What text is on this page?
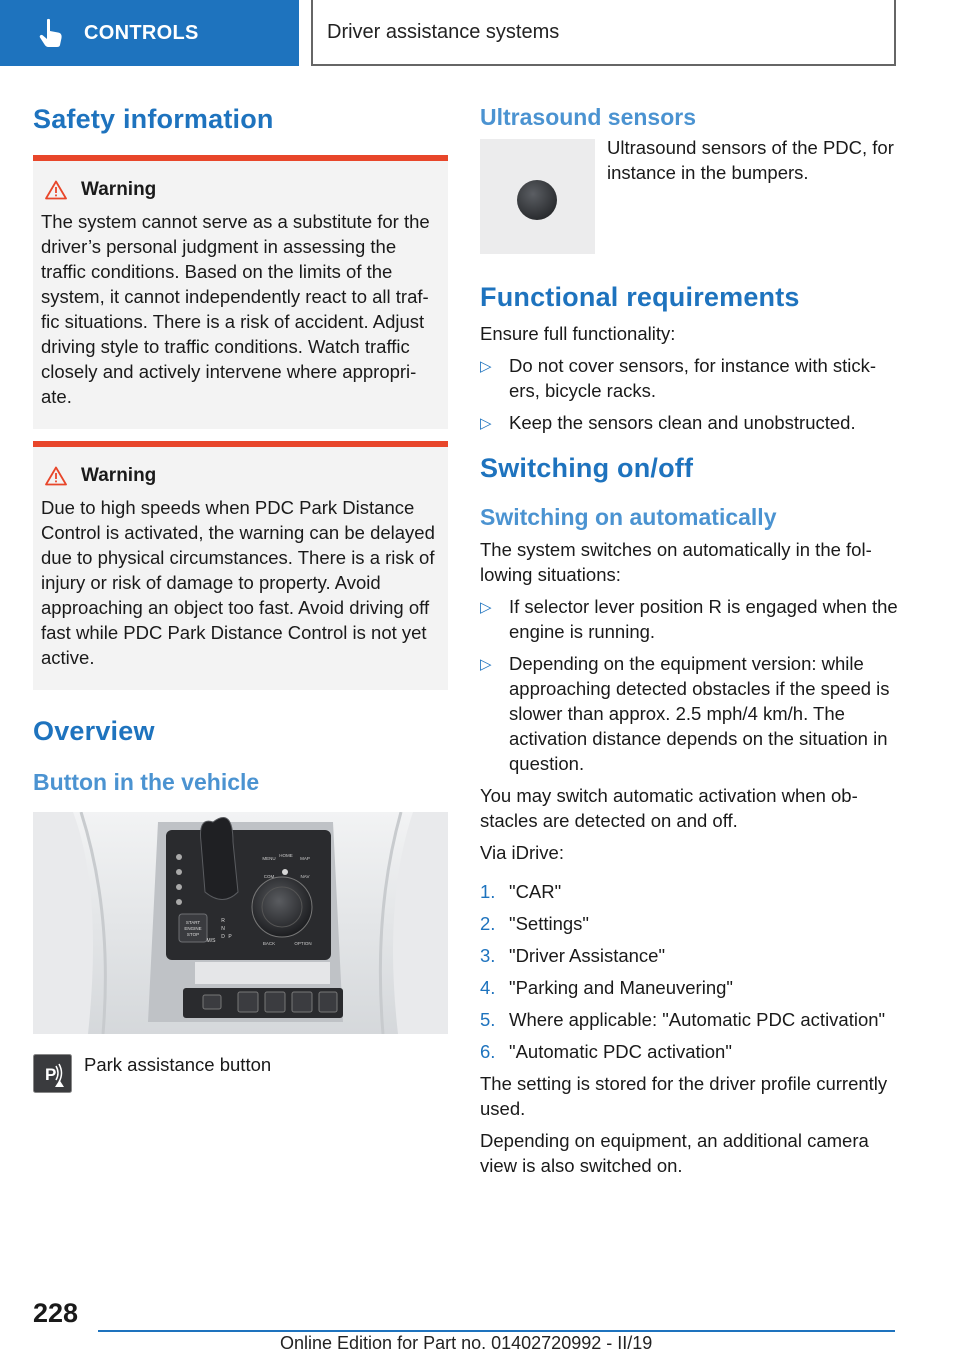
CONTROLS	Driver assistance systems
Safety information
Warning

The system cannot serve as a substitute for the driver’s personal judgment in assessing the traffic conditions. Based on the limits of the system, it cannot independently react to all traffic situations. There is a risk of accident. Adjust driving style to traffic conditions. Watch traffic closely and actively intervene where appropriate.

Warning

Due to high speeds when PDC Park Distance Control is activated, the warning can be delayed due to physical circumstances. There is a risk of injury or risk of damage to property. Avoid approaching an object too fast. Avoid driving off fast while PDC Park Distance Control is not yet active.

Overview
Button in the vehicle
START
ENGINE
STOP
MENU
COM
HOME
MAP
NAV
BACK	OPTION
R
N
D P
M/S
P Park assistance button

Ultrasound sensors

Ultrasound sensors of the PDC, for instance in the bumpers.

Functional requirements

Ensure full functionality:

▷ Do not cover sensors, for instance with stickers, bicycle racks.
▷ Keep the sensors clean and unobstructed.
Switching on/off
Switching on automatically

The system switches on automatically in the following situations:

▷ If selector lever position R is engaged when the engine is running.
▷ Depending on the equipment version: while approaching detected obstacles if the speed is slower than approx. 2.5 mph/4 km/h. The activation distance depends on the situation in question.

You may switch automatic activation when obstacles are detected on and off.

Via iDrive:

1. "CAR"
2. "Settings"
3. "Driver Assistance"
4. "Parking and Maneuvering"
5. Where applicable: "Automatic PDC activation"
6. "Automatic PDC activation"

The setting is stored for the driver profile currently used.

Depending on equipment, an additional camera view is also switched on.

228
Online Edition for Part no. 01402720992 - II/19
